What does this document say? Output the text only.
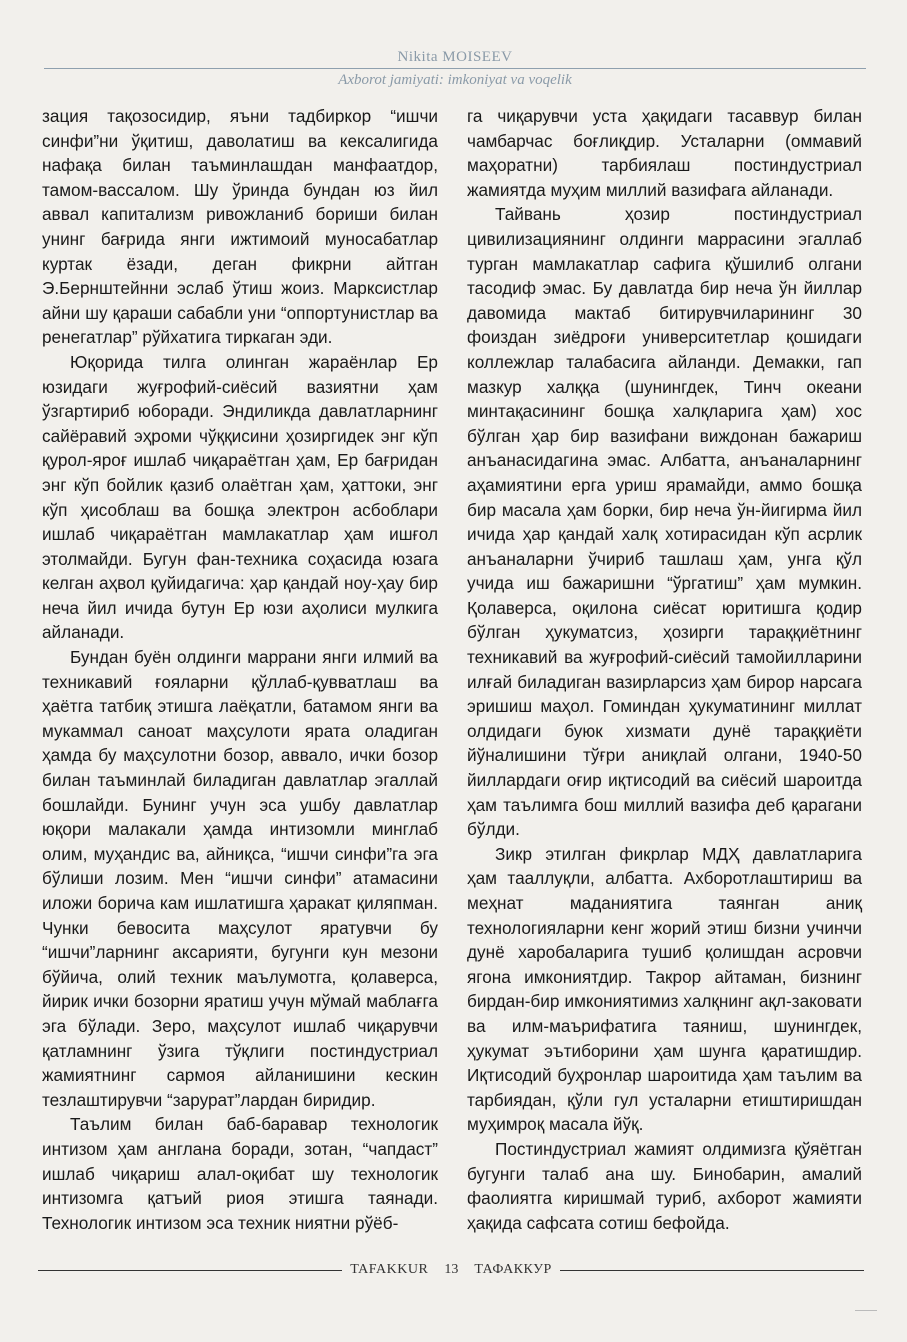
Nikita MOISEEV
Axborot jamiyati: imkoniyat va voqelik

зация тақозосидир, яъни тадбиркор “ишчи синфи”ни ўқитиш, даволатиш ва кексалигида нафақа билан таъминлашдан манфаатдор, тамом-вассалом. Шу ўринда бундан юз йил аввал капитализм ривожланиб бориши билан унинг бағрида янги ижтимоий муносабатлар куртак ёзади, деган фикрни айтган Э.Бернштейнни эслаб ўтиш жоиз. Марксистлар айни шу қараши сабабли уни “оппортунистлар ва ренегатлар” рўйхатига тиркаган эди.

Юқорида тилга олинган жараёнлар Ер юзидаги жуғрофий-сиёсий вазиятни ҳам ўзгартириб юборади. Эндиликда давлатларнинг сайёравий эҳроми чўққисини ҳозиргидек энг кўп қурол-яроғ ишлаб чиқараётган ҳам, Ер бағридан энг кўп бойлик қазиб олаётган ҳам, ҳаттоки, энг кўп ҳисоблаш ва бошқа электрон асбоблари ишлаб чиқараётган мамлакатлар ҳам ишғол этолмайди. Бугун фан-техника соҳасида юзага келган аҳвол қуйидагича: ҳар қандай ноу-ҳау бир неча йил ичида бутун Ер юзи аҳолиси мулкига айланади.

Бундан буён олдинги маррани янги илмий ва техникавий ғояларни қўллаб-қувватлаш ва ҳаётга татбиқ этишга лаёқатли, батамом янги ва мукаммал саноат маҳсулоти ярата оладиган ҳамда бу маҳсулотни бозор, аввало, ички бозор билан таъминлай биладиган давлатлар эгаллай бошлайди. Бунинг учун эса ушбу давлатлар юқори малакали ҳамда интизомли минглаб олим, муҳандис ва, айниқса, “ишчи синфи”га эга бўлиши лозим. Мен “ишчи синфи” атамасини иложи борича кам ишлатишга ҳаракат қиляпман. Чунки бевосита маҳсулот яратувчи бу “ишчи”ларнинг аксарияти, бугунги кун мезони бўйича, олий техник маълумотга, қолаверса, йирик ички бозорни яратиш учун мўмай маблағга эга бўлади. Зеро, маҳсулот ишлаб чиқарувчи қатламнинг ўзига тўқлиги постиндустриал жамиятнинг сармоя айланишини кескин тезлаштирувчи “зарурат”лардан биридир.

Таълим билан баб-баравар технологик интизом ҳам англана боради, зотан, “чапдаст” ишлаб чиқариш алал-оқибат шу технологик интизомга қатъий риоя этишга таянади. Технологик интизом эса техник ниятни рўёб-

га чиқарувчи уста ҳақидаги тасаввур билан чамбарчас боғлиқдир. Усталарни (оммавий маҳоратни) тарбиялаш постиндустриал жамиятда муҳим миллий вазифага айланади.

Тайвань ҳозир постиндустриал цивилизациянинг олдинги маррасини эгаллаб турган мамлакатлар сафига қўшилиб олгани тасодиф эмас. Бу давлатда бир неча ўн йиллар давомида мактаб битирувчиларининг 30 фоиздан зиёдроғи университетлар қошидаги коллежлар талабасига айланди. Демакки, гап мазкур халққа (шунингдек, Тинч океани минтақасининг бошқа халқларига ҳам) хос бўлган ҳар бир вазифани виждонан бажариш анъанасидагина эмас. Албатта, анъаналарнинг аҳамиятини ерга уриш ярамайди, аммо бошқа бир масала ҳам борки, бир неча ўн-йигирма йил ичида ҳар қандай халқ хотирасидан кўп асрлик анъаналарни ўчириб ташлаш ҳам, унга қўл учида иш бажаришни “ўргатиш” ҳам мумкин. Қолаверса, оқилона сиёсат юритишга қодир бўлган ҳукуматсиз, ҳозирги тараққиётнинг техникавий ва жуғрофий-сиёсий тамойилларини илғай биладиган вазирларсиз ҳам бирор нарсага эришиш маҳол. Гоминдан ҳукуматининг миллат олдидаги буюк хизмати дунё тараққиёти йўналишини тўғри аниқлай олгани, 1940-50 йиллардаги оғир иқтисодий ва сиёсий шароитда ҳам таълимга бош миллий вазифа деб қарагани бўлди.

Зикр этилган фикрлар МДҲ давлатларига ҳам тааллуқли, албатта. Ахборотлаштириш ва меҳнат маданиятига таянган аниқ технологияларни кенг жорий этиш бизни учинчи дунё харобаларига тушиб қолишдан асровчи ягона имкониятдир. Такрор айтаман, бизнинг бирдан-бир имкониятимиз халқнинг ақл-заковати ва илм-маърифатига таяниш, шунингдек, ҳукумат эътиборини ҳам шунга қаратишдир. Иқтисодий буҳронлар шароитида ҳам таълим ва тарбиядан, қўли гул усталарни етиштиришдан муҳимроқ масала йўқ.

Постиндустриал жамият олдимизга қўяётган бугунги талаб ана шу. Бинобарин, амалий фаолиятга киришмай туриб, ахборот жамияти ҳақида сафсата сотиш бефойда.

TAFAKKUR	13	ТАФАККУР
